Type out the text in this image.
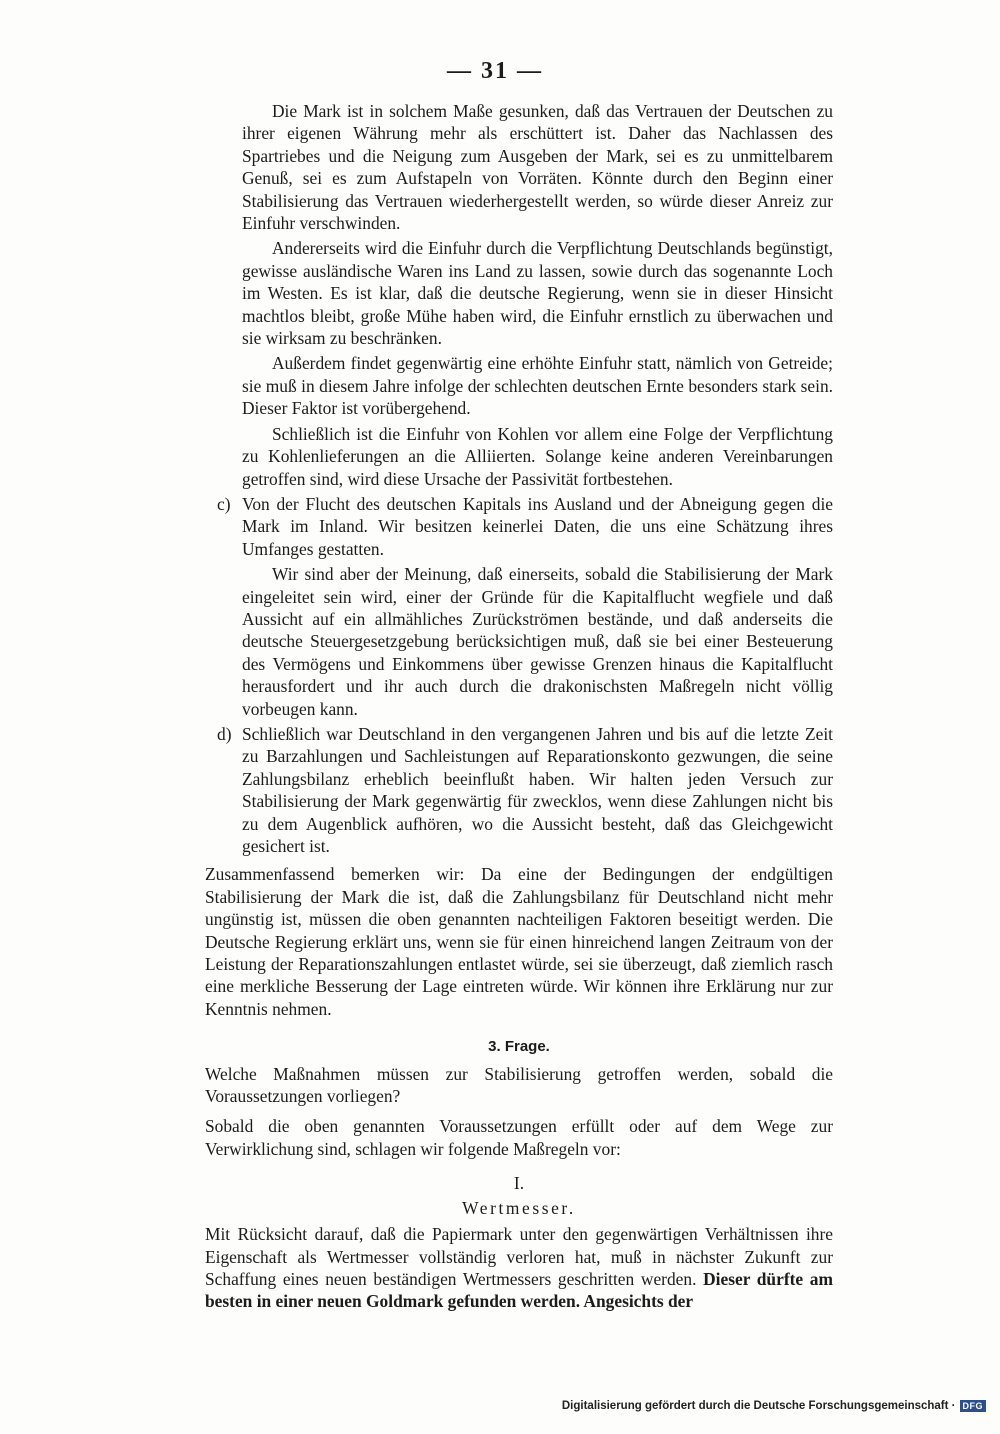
— 31 —

Die Mark ist in solchem Maße gesunken, daß das Vertrauen der Deutschen zu ihrer eigenen Währung mehr als erschüttert ist. Daher das Nachlassen des Spartriebes und die Neigung zum Ausgeben der Mark, sei es zu unmittelbarem Genuß, sei es zum Aufstapeln von Vorräten. Könnte durch den Beginn einer Stabilisierung das Vertrauen wiederhergestellt werden, so würde dieser Anreiz zur Einfuhr verschwinden.

Andererseits wird die Einfuhr durch die Verpflichtung Deutschlands begünstigt, gewisse ausländische Waren ins Land zu lassen, sowie durch das sogenannte Loch im Westen. Es ist klar, daß die deutsche Regierung, wenn sie in dieser Hinsicht machtlos bleibt, große Mühe haben wird, die Einfuhr ernstlich zu überwachen und sie wirksam zu beschränken.

Außerdem findet gegenwärtig eine erhöhte Einfuhr statt, nämlich von Getreide; sie muß in diesem Jahre infolge der schlechten deutschen Ernte besonders stark sein. Dieser Faktor ist vorübergehend.

Schließlich ist die Einfuhr von Kohlen vor allem eine Folge der Verpflichtung zu Kohlenlieferungen an die Alliierten. Solange keine anderen Vereinbarungen getroffen sind, wird diese Ursache der Passivität fortbestehen.

c) Von der Flucht des deutschen Kapitals ins Ausland und der Abneigung gegen die Mark im Inland. Wir besitzen keinerlei Daten, die uns eine Schätzung ihres Umfanges gestatten.

Wir sind aber der Meinung, daß einerseits, sobald die Stabilisierung der Mark eingeleitet sein wird, einer der Gründe für die Kapitalflucht wegfiele und daß Aussicht auf ein allmähliches Zurückströmen bestände, und daß anderseits die deutsche Steuergesetzgebung berücksichtigen muß, daß sie bei einer Besteuerung des Vermögens und Einkommens über gewisse Grenzen hinaus die Kapitalflucht herausfordert und ihr auch durch die drakonischsten Maßregeln nicht völlig vorbeugen kann.

d) Schließlich war Deutschland in den vergangenen Jahren und bis auf die letzte Zeit zu Barzahlungen und Sachleistungen auf Reparationskonto gezwungen, die seine Zahlungsbilanz erheblich beeinflußt haben. Wir halten jeden Versuch zur Stabilisierung der Mark gegenwärtig für zwecklos, wenn diese Zahlungen nicht bis zu dem Augenblick aufhören, wo die Aussicht besteht, daß das Gleichgewicht gesichert ist.

Zusammenfassend bemerken wir: Da eine der Bedingungen der endgültigen Stabilisierung der Mark die ist, daß die Zahlungsbilanz für Deutschland nicht mehr ungünstig ist, müssen die oben genannten nachteiligen Faktoren beseitigt werden. Die Deutsche Regierung erklärt uns, wenn sie für einen hinreichend langen Zeitraum von der Leistung der Reparationszahlungen entlastet würde, sei sie überzeugt, daß ziemlich rasch eine merkliche Besserung der Lage eintreten würde. Wir können ihre Erklärung nur zur Kenntnis nehmen.

3. Frage.

Welche Maßnahmen müssen zur Stabilisierung getroffen werden, sobald die Voraussetzungen vorliegen?

Sobald die oben genannten Voraussetzungen erfüllt oder auf dem Wege zur Verwirklichung sind, schlagen wir folgende Maßregeln vor:

I.
Wertmesser.

Mit Rücksicht darauf, daß die Papiermark unter den gegenwärtigen Verhältnissen ihre Eigenschaft als Wertmesser vollständig verloren hat, muß in nächster Zukunft zur Schaffung eines neuen beständigen Wertmessers geschritten werden. Dieser dürfte am besten in einer neuen Goldmark gefunden werden. Angesichts der

Digitalisierung gefördert durch die Deutsche Forschungsgemeinschaft · DFG
